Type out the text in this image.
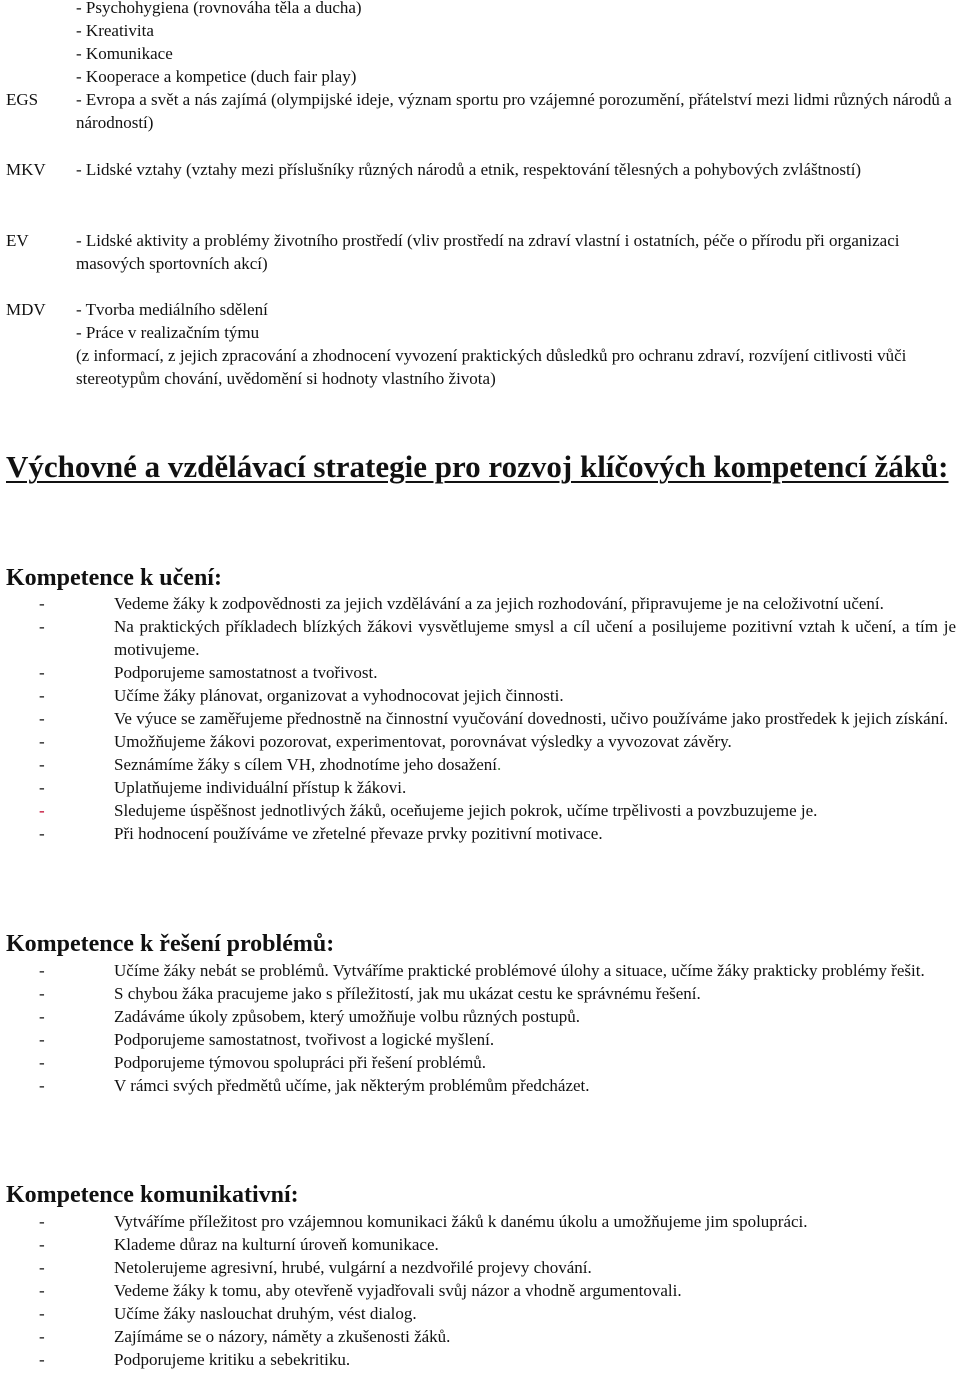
- Psychohygiena (rovnováha těla a ducha)

- Kreativita

- Komunikace

- Kooperace a kompetice (duch fair play)

EGS - Evropa a svět a nás zajímá (olympijské ideje, význam sportu pro vzájemné porozumění, přátelství mezi lidmi různých národů a národností)

MKV - Lidské vztahy (vztahy mezi příslušníky různých národů a etnik, respektování tělesných a pohybových zvláštností)

EV	- Lidské aktivity a problémy životního prostředí (vliv prostředí na zdraví vlastní i ostatních, péče o přírodu při organizaci masových sportovních akcí)

MDV - Tvorba mediálního sdělení

- Práce v realizačním týmu

(z informací, z jejich zpracování a zhodnocení vyvození praktických důsledků pro ochranu zdraví, rozvíjení citlivosti vůči stereotypům chování, uvědomění si hodnoty vlastního života)

Výchovné a vzdělávací strategie pro rozvoj klíčových kompetencí žáků:
Kompetence k učení:
-	Vedeme žáky k zodpovědnosti za jejich vzdělávání a za jejich rozhodování, připravujeme je na celoživotní učení.
-	Na praktických příkladech blízkých žákovi vysvětlujeme smysl a cíl učení a posilujeme pozitivní vztah k učení, a tím je motivujeme.
-	Podporujeme samostatnost a tvořivost.
-	Učíme žáky plánovat, organizovat a vyhodnocovat jejich činnosti.
-	Ve výuce se zaměřujeme přednostně na činnostní vyučování dovednosti, učivo používáme jako prostředek k jejich získání.
-	Umožňujeme žákovi pozorovat, experimentovat, porovnávat výsledky a vyvozovat závěry.
-	Seznámíme žáky s cílem VH, zhodnotíme jeho dosažení.
-	Uplatňujeme individuální přístup k žákovi.
-	Sledujeme úspěšnost jednotlivých žáků, oceňujeme jejich pokrok, učíme trpělivosti a povzbuzujeme je.
-	Při hodnocení používáme ve zřetelné převaze prvky pozitivní motivace.
Kompetence k řešení problémů:
-	Učíme žáky nebát se problémů. Vytváříme praktické problémové úlohy a situace, učíme žáky prakticky problémy řešit.
-	S chybou žáka pracujeme jako s příležitostí, jak mu ukázat cestu ke správnému řešení.
-	Zadáváme úkoly způsobem, který umožňuje volbu různých postupů.
-	Podporujeme samostatnost, tvořivost a logické myšlení.
-	Podporujeme týmovou spolupráci při řešení problémů.
-	V rámci svých předmětů učíme, jak některým problémům předcházet.
Kompetence komunikativní:
-	Vytváříme příležitost pro vzájemnou komunikaci žáků k danému úkolu a umožňujeme jim spolupráci.
-	Klademe důraz na kulturní úroveň komunikace.
-	Netolerujeme agresivní, hrubé, vulgární a nezdvořilé projevy chování.
-	Vedeme žáky k tomu, aby otevřeně vyjadřovali svůj názor a vhodně argumentovali.
-	Učíme žáky naslouchat druhým, vést dialog.
-	Zajímáme se o názory, náměty a zkušenosti žáků.
-	Podporujeme kritiku a sebekritiku.
